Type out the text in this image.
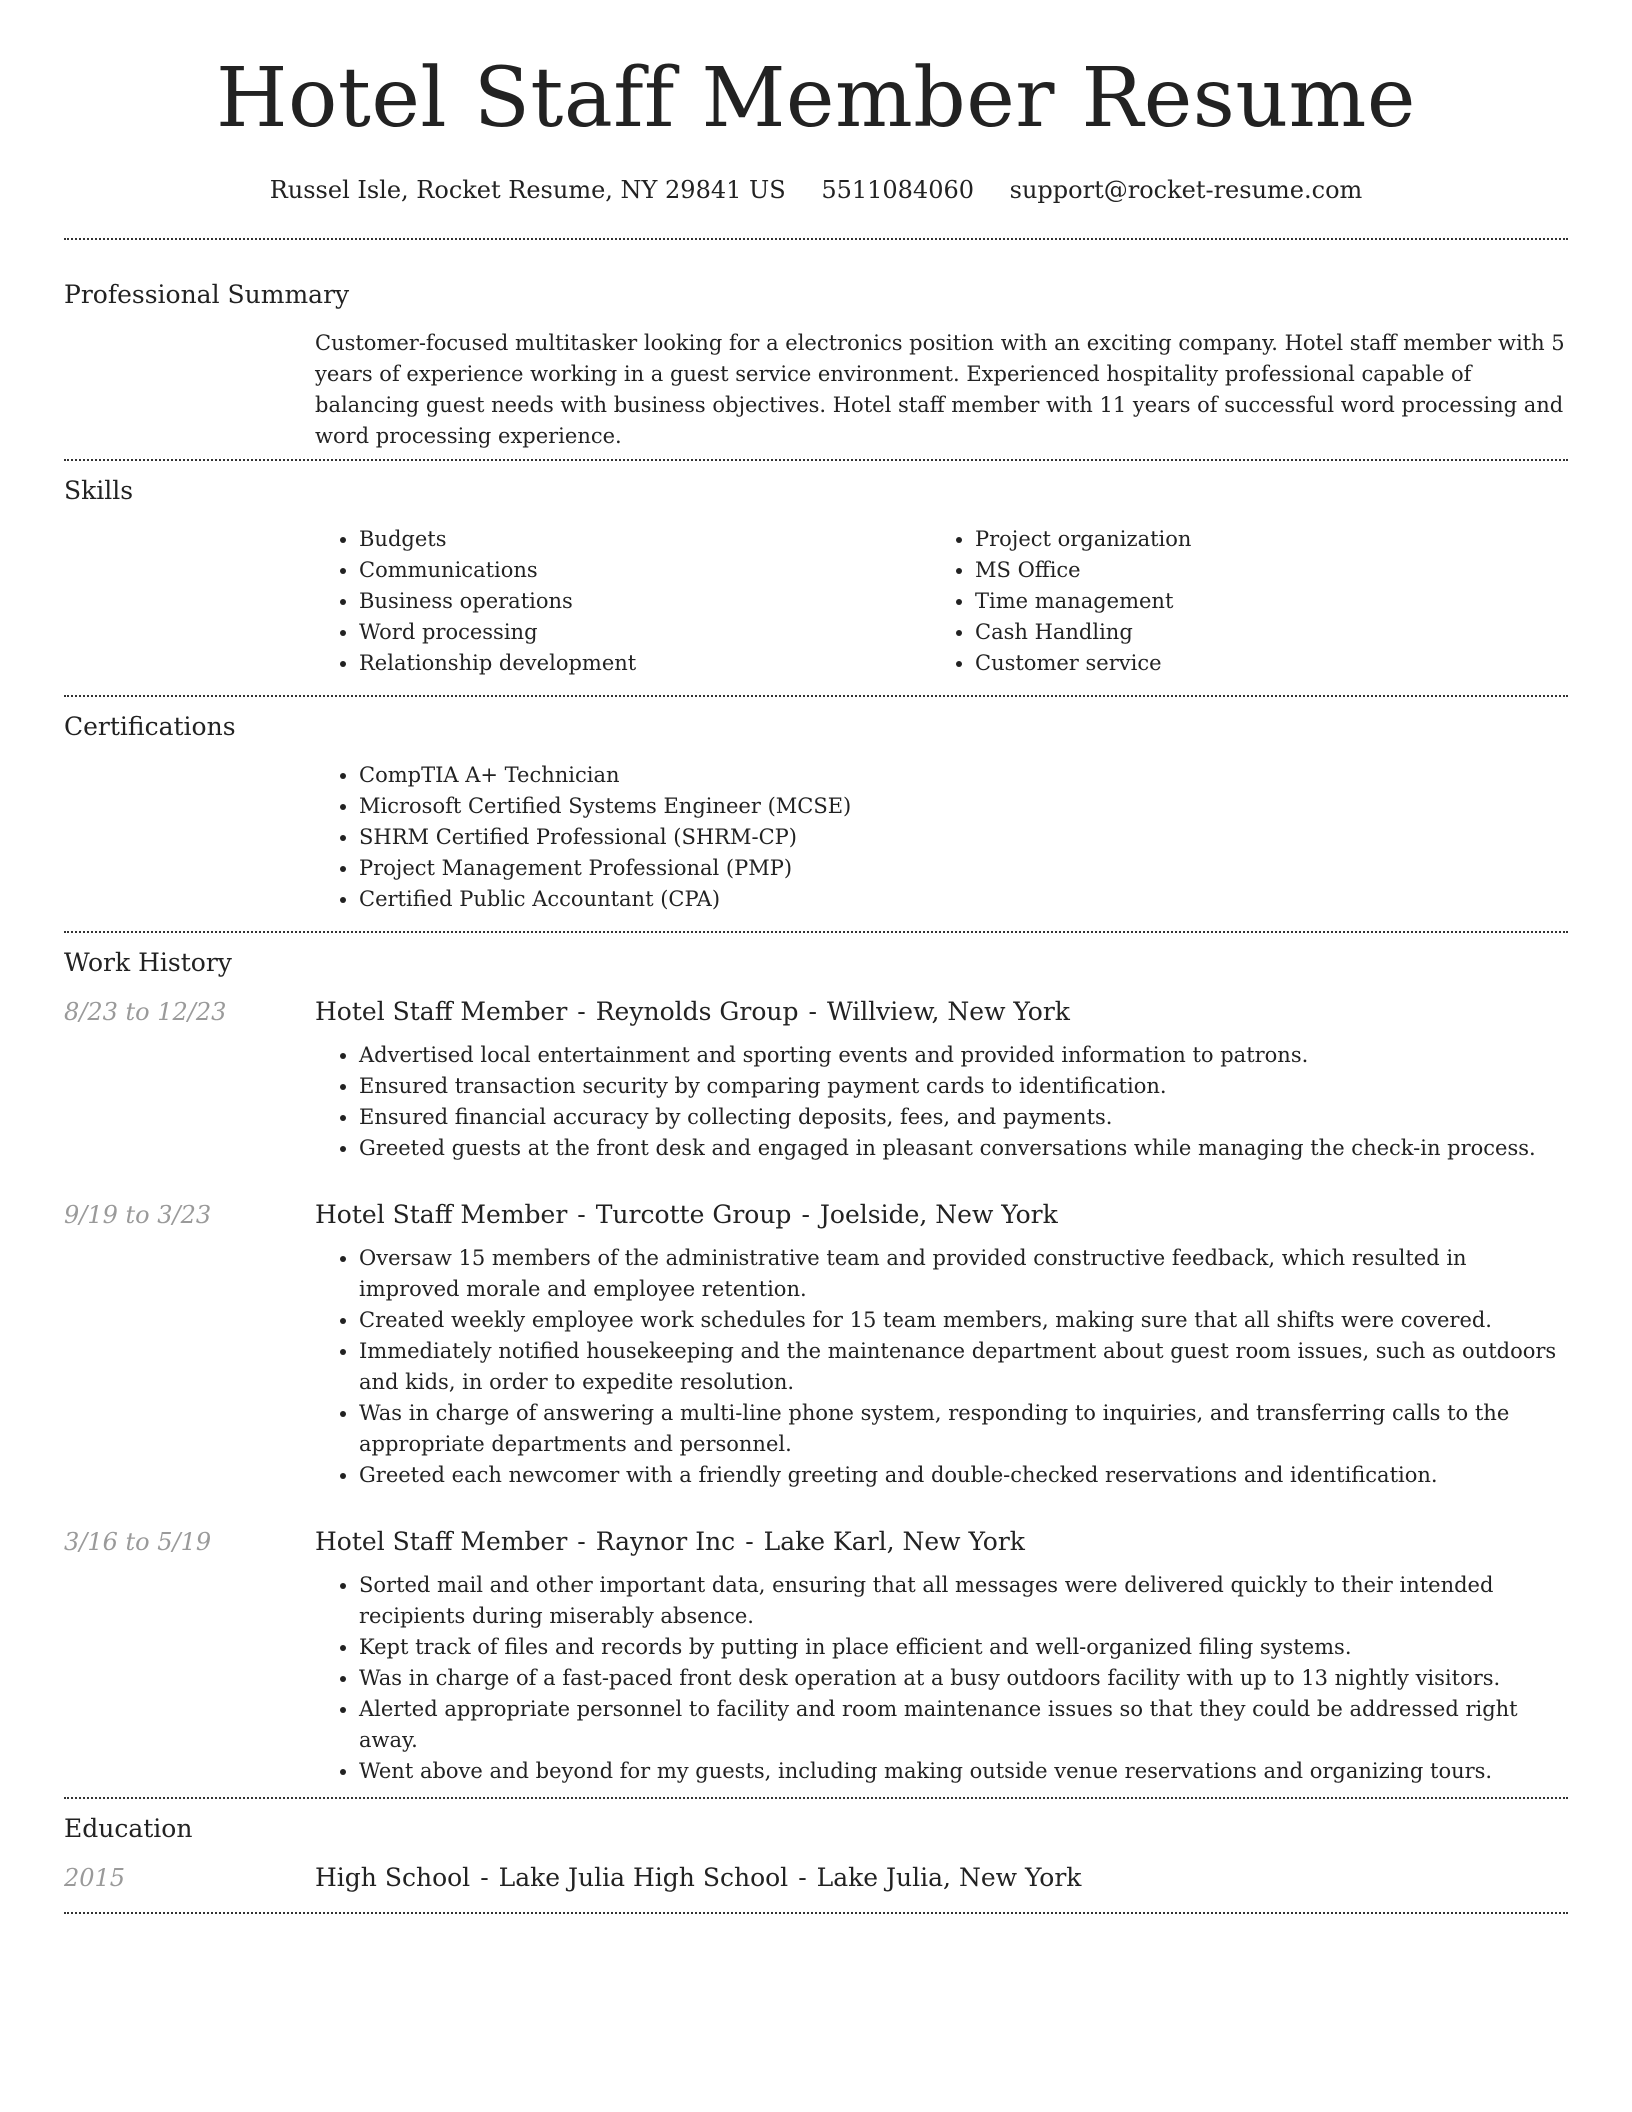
Hotel Staff Member Resume
Russel Isle, Rocket Resume, NY 29841 US 5511084060 support@rocket-resume.com
Professional Summary

Customer-focused multitasker looking for a electronics position with an exciting company. Hotel staff member with 5 years of experience working in a guest service environment. Experienced hospitality professional capable of balancing guest needs with business objectives. Hotel staff member with 11 years of successful word processing and word processing experience.

Skills
• Budgets
• Communications
• Business operations
• Word processing
• Relationship development
• Project organization
• MS Office
• Time management
• Cash Handling
• Customer service
Certifications
• CompTIA A+ Technician
• Microsoft Certified Systems Engineer (MCSE)
• SHRM Certified Professional (SHRM-CP)
• Project Management Professional (PMP)
• Certified Public Accountant (CPA)
Work History
8/23 to 12/23	Hotel Staff Member - Reynolds Group - Willview, New York
• Advertised local entertainment and sporting events and provided information to patrons.
• Ensured transaction security by comparing payment cards to identification.
• Ensured financial accuracy by collecting deposits, fees, and payments.
• Greeted guests at the front desk and engaged in pleasant conversations while managing the check-in process.
9/19 to 3/23	Hotel Staff Member - Turcotte Group - Joelside, New York
• Oversaw 15 members of the administrative team and provided constructive feedback, which resulted in improved morale and employee retention.
• Created weekly employee work schedules for 15 team members, making sure that all shifts were covered.
• Immediately notified housekeeping and the maintenance department about guest room issues, such as outdoors and kids, in order to expedite resolution.
• Was in charge of answering a multi-line phone system, responding to inquiries, and transferring calls to the appropriate departments and personnel.
• Greeted each newcomer with a friendly greeting and double-checked reservations and identification.
3/16 to 5/19	Hotel Staff Member - Raynor Inc - Lake Karl, New York
• Sorted mail and other important data, ensuring that all messages were delivered quickly to their intended recipients during miserably absence.
• Kept track of files and records by putting in place efficient and well-organized filing systems.
• Was in charge of a fast-paced front desk operation at a busy outdoors facility with up to 13 nightly visitors.
• Alerted appropriate personnel to facility and room maintenance issues so that they could be addressed right away.
• Went above and beyond for my guests, including making outside venue reservations and organizing tours.
Education
2015	High School - Lake Julia High School - Lake Julia, New York
